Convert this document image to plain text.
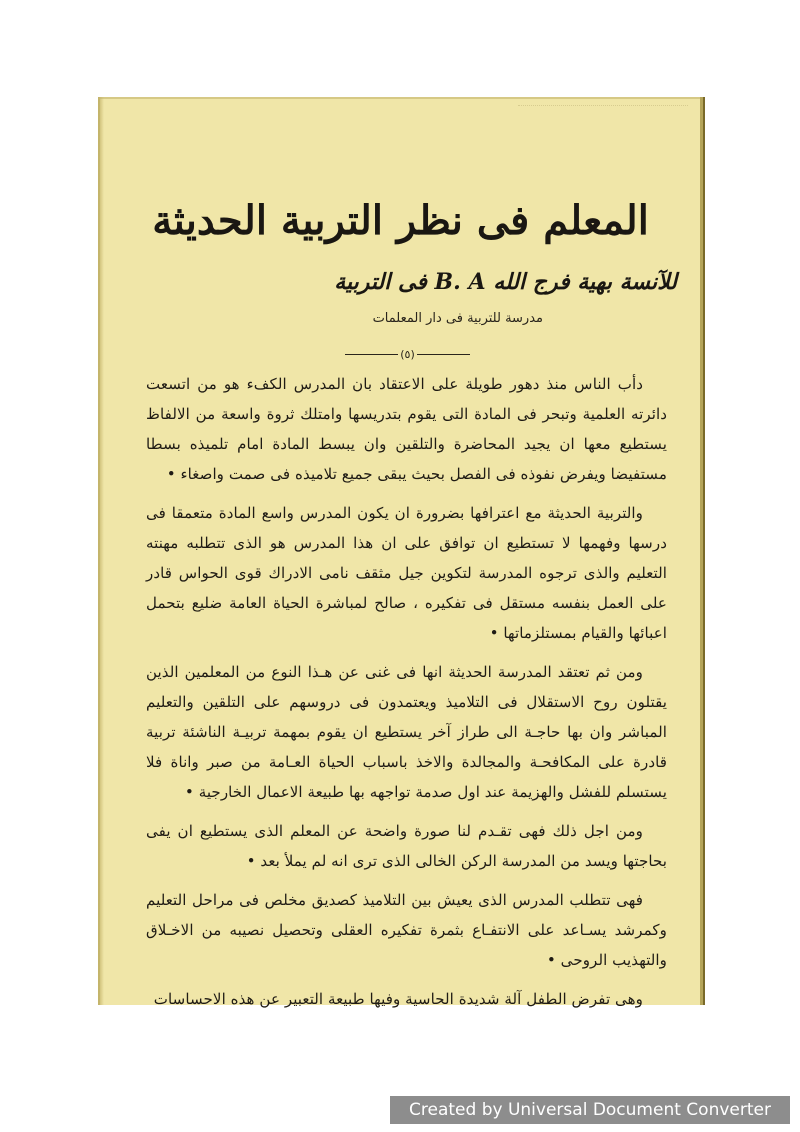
المعلم فى نظر التربية الحديثة
للآنسة بهية فرج الله B. A فى التربية
مدرسة للتربية فى دار المعلمات
(٥)

دأب الناس منذ دهور طويلة على الاعتقاد بان المدرس الكفء هو من اتسعت دائرته العلمية وتبحر فى المادة التى يقوم بتدريسها وامتلك ثروة واسعة من الالفاظ يستطيع معها ان يجيد المحاضرة والتلقين وان يبسط المادة امام تلميذه بسطا مستفيضا ويفرض نفوذه فى الفصل بحيث يبقى جميع تلاميذه فى صمت واصغاء •

والتربية الحديثة مع اعترافها بضرورة ان يكون المدرس واسع المادة متعمقا فى درسها وفهمها لا تستطيع ان توافق على ان هذا المدرس هو الذى تتطلبه مهنته التعليم والذى ترجوه المدرسة لتكوين جيل مثقف نامى الادراك قوى الحواس قادر على العمل بنفسه مستقل فى تفكيره ، صالح لمباشرة الحياة العامة ضليع بتحمل اعبائها والقيام بمستلزماتها •

ومن ثم تعتقد المدرسة الحديثة انها فى غنى عن هـذا النوع من المعلمين الذين يقتلون روح الاستقلال فى التلاميذ ويعتمدون فى دروسهم على التلقين والتعليم المباشر وان بها حاجـة الى طراز آخر يستطيع ان يقوم بمهمة تربيـة الناشئة تربية قادرة على المكافحـة والمجالدة والاخذ باسباب الحياة العـامة من صبر واناة فلا يستسلم للفشل والهزيمة عند اول صدمة تواجهه بها طبيعة الاعمال الخارجية •

ومن اجل ذلك فهى تقـدم لنا صورة واضحة عن المعلم الذى يستطيع ان يفى بحاجتها ويسد من المدرسة الركن الخالى الذى ترى انه لم يملأ بعد •

فهى تتطلب المدرس الذى يعيش بين التلاميذ كصديق مخلص فى مراحل التعليم وكمرشد يسـاعد على الانتفـاع بثمرة تفكيره العقلى وتحصيل نصيبه من الاخـلاق والتهذيب الروحى •

وهى تفرض الطفل آلة شديدة الحاسية وفيها طبيعة التعبير عن هذه الاحساسات

Created by Universal Document Converter
